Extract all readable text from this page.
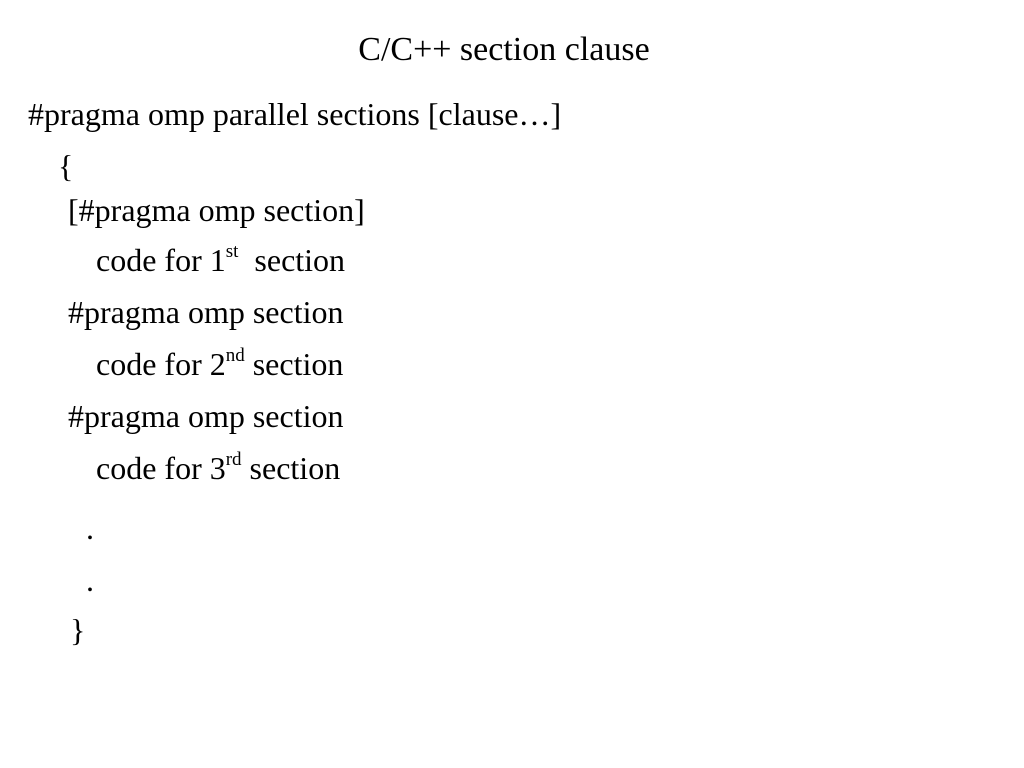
C/C++ section clause
#pragma omp parallel sections [clause…]
{
[#pragma omp section]
code for 1st  section
#pragma omp section
code for 2nd section
#pragma omp section
code for 3rd section
.
.
}
